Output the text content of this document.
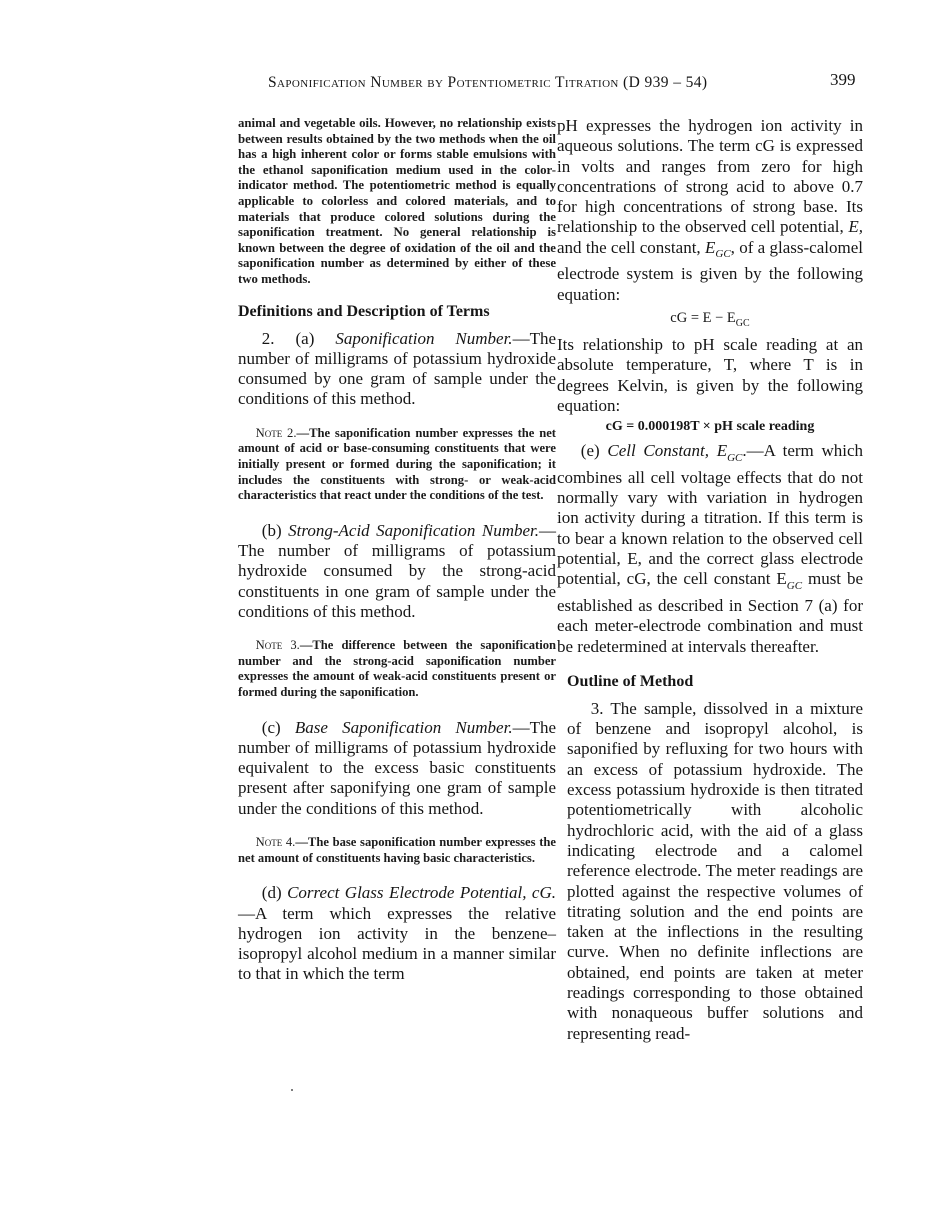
Saponification Number by Potentiometric Titration (D 939 – 54)	399

animal and vegetable oils. However, no relationship exists between results obtained by the two methods when the oil has a high inherent color or forms stable emulsions with the ethanol saponification medium used in the color-indicator method. The potentiometric method is equally applicable to colorless and colored materials, and to materials that produce colored solutions during the saponification treatment. No general relationship is known between the degree of oxidation of the oil and the saponification number as determined by either of these two methods.

Definitions and Description of Terms

2. (a) Saponification Number.—The number of milligrams of potassium hydroxide consumed by one gram of sample under the conditions of this method.

Note 2.—The saponification number expresses the net amount of acid or base-consuming constituents that were initially present or formed during the saponification; it includes the constituents with strong- or weak-acid characteristics that react under the conditions of the test.

(b) Strong-Acid Saponification Number.—The number of milligrams of potassium hydroxide consumed by the strong-acid constituents in one gram of sample under the conditions of this method.

Note 3.—The difference between the saponification number and the strong-acid saponification number expresses the amount of weak-acid constituents present or formed during the saponification.

(c) Base Saponification Number.—The number of milligrams of potassium hydroxide equivalent to the excess basic constituents present after saponifying one gram of sample under the conditions of this method.

Note 4.—The base saponification number expresses the net amount of constituents having basic characteristics.

(d) Correct Glass Electrode Potential, cG.—A term which expresses the relative hydrogen ion activity in the benzene–isopropyl alcohol medium in a manner similar to that in which the term

pH expresses the hydrogen ion activity in aqueous solutions. The term cG is expressed in volts and ranges from zero for high concentrations of strong acid to above 0.7 for high concentrations of strong base. Its relationship to the observed cell potential, E, and the cell constant, $E_{GC}$, of a glass-calomel electrode system is given by the following equation:

cG = $E - E_{GC}$

Its relationship to pH scale reading at an absolute temperature, T, where T is in degrees Kelvin, is given by the following equation:

cG = 0.000198T × pH scale reading

(e) Cell Constant, $E_{GC}.—A$ term which combines all cell voltage effects that do not normally vary with variation in hydrogen ion activity during a titration. If this term is to bear a known relation to the observed cell potential, E, and the correct glass electrode potential, cG, the cell constant $E_{GC}$ must be established as described in Section 7 (a) for each meter-electrode combination and must be redetermined at intervals thereafter.

Outline of Method

3. The sample, dissolved in a mixture of benzene and isopropyl alcohol, is saponified by refluxing for two hours with an excess of potassium hydroxide. The excess potassium hydroxide is then titrated potentiometrically with alcoholic hydrochloric acid, with the aid of a glass indicating electrode and a calomel reference electrode. The meter readings are plotted against the respective volumes of titrating solution and the end points are taken at the inflections in the resulting curve. When no definite inflections are obtained, end points are taken at meter readings corresponding to those obtained with nonaqueous buffer solutions and representing read-
